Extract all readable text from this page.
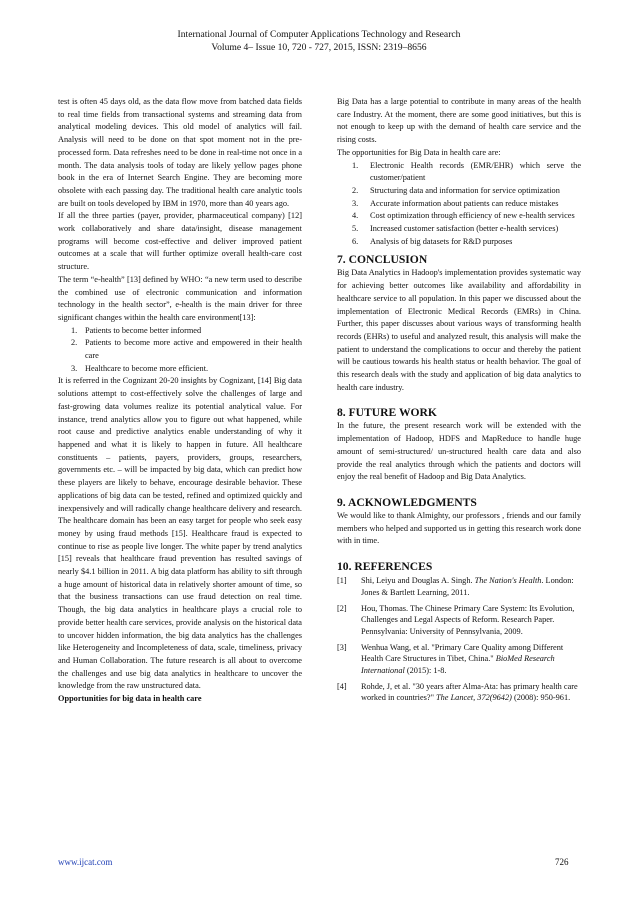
International Journal of Computer Applications Technology and Research
Volume 4– Issue 10, 720 - 727, 2015, ISSN: 2319–8656

test is often 45 days old, as the data flow move from batched data fields to real time fields from transactional systems and streaming data from analytical modeling devices. This old model of analytics will fail. Analysis will need to be done on that spot moment not in the pre-processed form. Data refreshes need to be done in real-time not once in a month. The data analysis tools of today are likely yellow pages phone book in the era of Internet Search Engine. They are becoming more obsolete with each passing day. The traditional health care analytic tools are built on tools developed by IBM in 1970, more than 40 years ago.

If all the three parties (payer, provider, pharmaceutical company) [12] work collaboratively and share data/insight, disease management programs will become cost-effective and deliver improved patient outcomes at a scale that will further optimize overall health-care cost structure.

The term “e-health” [13] defined by WHO: “a new term used to describe the combined use of electronic communication and information technology in the health sector”, e-health is the main driver for three significant changes within the health care environment[13]:

1. Patients to become better informed
2. Patients to become more active and empowered in their health care
3. Healthcare to become more efficient.

It is referred in the Cognizant 20-20 insights by Cognizant, [14] Big data solutions attempt to cost-effectively solve the challenges of large and fast-growing data volumes realize its potential analytical value. For instance, trend analytics allow you to figure out what happened, while root cause and predictive analytics enable understanding of why it happened and what it is likely to happen in future. All healthcare constituents – patients, payers, providers, groups, researchers, governments etc. – will be impacted by big data, which can predict how these players are likely to behave, encourage desirable behavior. These applications of big data can be tested, refined and optimized quickly and inexpensively and will radically change healthcare delivery and research. The healthcare domain has been an easy target for people who seek easy money by using fraud methods [15]. Healthcare fraud is expected to continue to rise as people live longer. The white paper by trend analytics [15] reveals that healthcare fraud prevention has resulted savings of nearly $4.1 billion in 2011. A big data platform has ability to sift through a huge amount of historical data in relatively shorter amount of time, so that the business transactions can use fraud detection on real time. Though, the big data analytics in healthcare plays a crucial role to provide better health care services, provide analysis on the historical data to uncover hidden information, the big data analytics has the challenges like Heterogeneity and Incompleteness of data, scale, timeliness, privacy and Human Collaboration. The future research is all about to overcome the challenges and use big data analytics in healthcare to uncover the knowledge from the raw unstructured data.

Opportunities for big data in health care

Big Data has a large potential to contribute in many areas of the health care Industry. At the moment, there are some good initiatives, but this is not enough to keep up with the demand of health care service and the rising costs.

The opportunities for Big Data in health care are:

1. Electronic Health records (EMR/EHR) which serve the customer/patient
2. Structuring data and information for service optimization
3. Accurate information about patients can reduce mistakes
4. Cost optimization through efficiency of new e-health services
5. Increased customer satisfaction (better e-health services)
6. Analysis of big datasets for R&D purposes
7. CONCLUSION

Big Data Analytics in Hadoop's implementation provides systematic way for achieving better outcomes like availability and affordability in healthcare service to all population. In this paper we discussed about the implementation of Electronic Medical Records (EMRs) in China. Further, this paper discusses about various ways of transforming health records (EHRs) to useful and analyzed result, this analysis will make the patient to understand the complications to occur and thereby the patient will be cautious towards his health status or health behavior. The goal of this research deals with the study and application of big data analytics to health care industry.

8. FUTURE WORK

In the future, the present research work will be extended with the implementation of Hadoop, HDFS and MapReduce to handle huge amount of semi-structured/ un-structured health care data and also provide the real analytics through which the patients and doctors will enjoy the real benefit of Hadoop and Big Data Analytics.

9. ACKNOWLEDGMENTS

We would like to thank Almighty, our professors , friends and our family members who helped and supported us in getting this research work done with in time.

10. REFERENCES
[1] Shi, Leiyu and Douglas A. Singh. The Nation's Health. London: Jones & Bartlett Learning, 2011.
[2] Hou, Thomas. The Chinese Primary Care System: Its Evolution, Challenges and Legal Aspects of Reform. Research Paper. Pennsylvania: University of Pennsylvania, 2009.
[3] Wenhua Wang, et al. "Primary Care Quality among Different Health Care Structures in Tibet, China." BioMed Research International (2015): 1-8.
[4] Rohde, J, et al. "30 years after Alma-Ata: has primary health care worked in countries?" The Lancet, 372(9642) (2008): 950-961.
www.ijcat.com	726
